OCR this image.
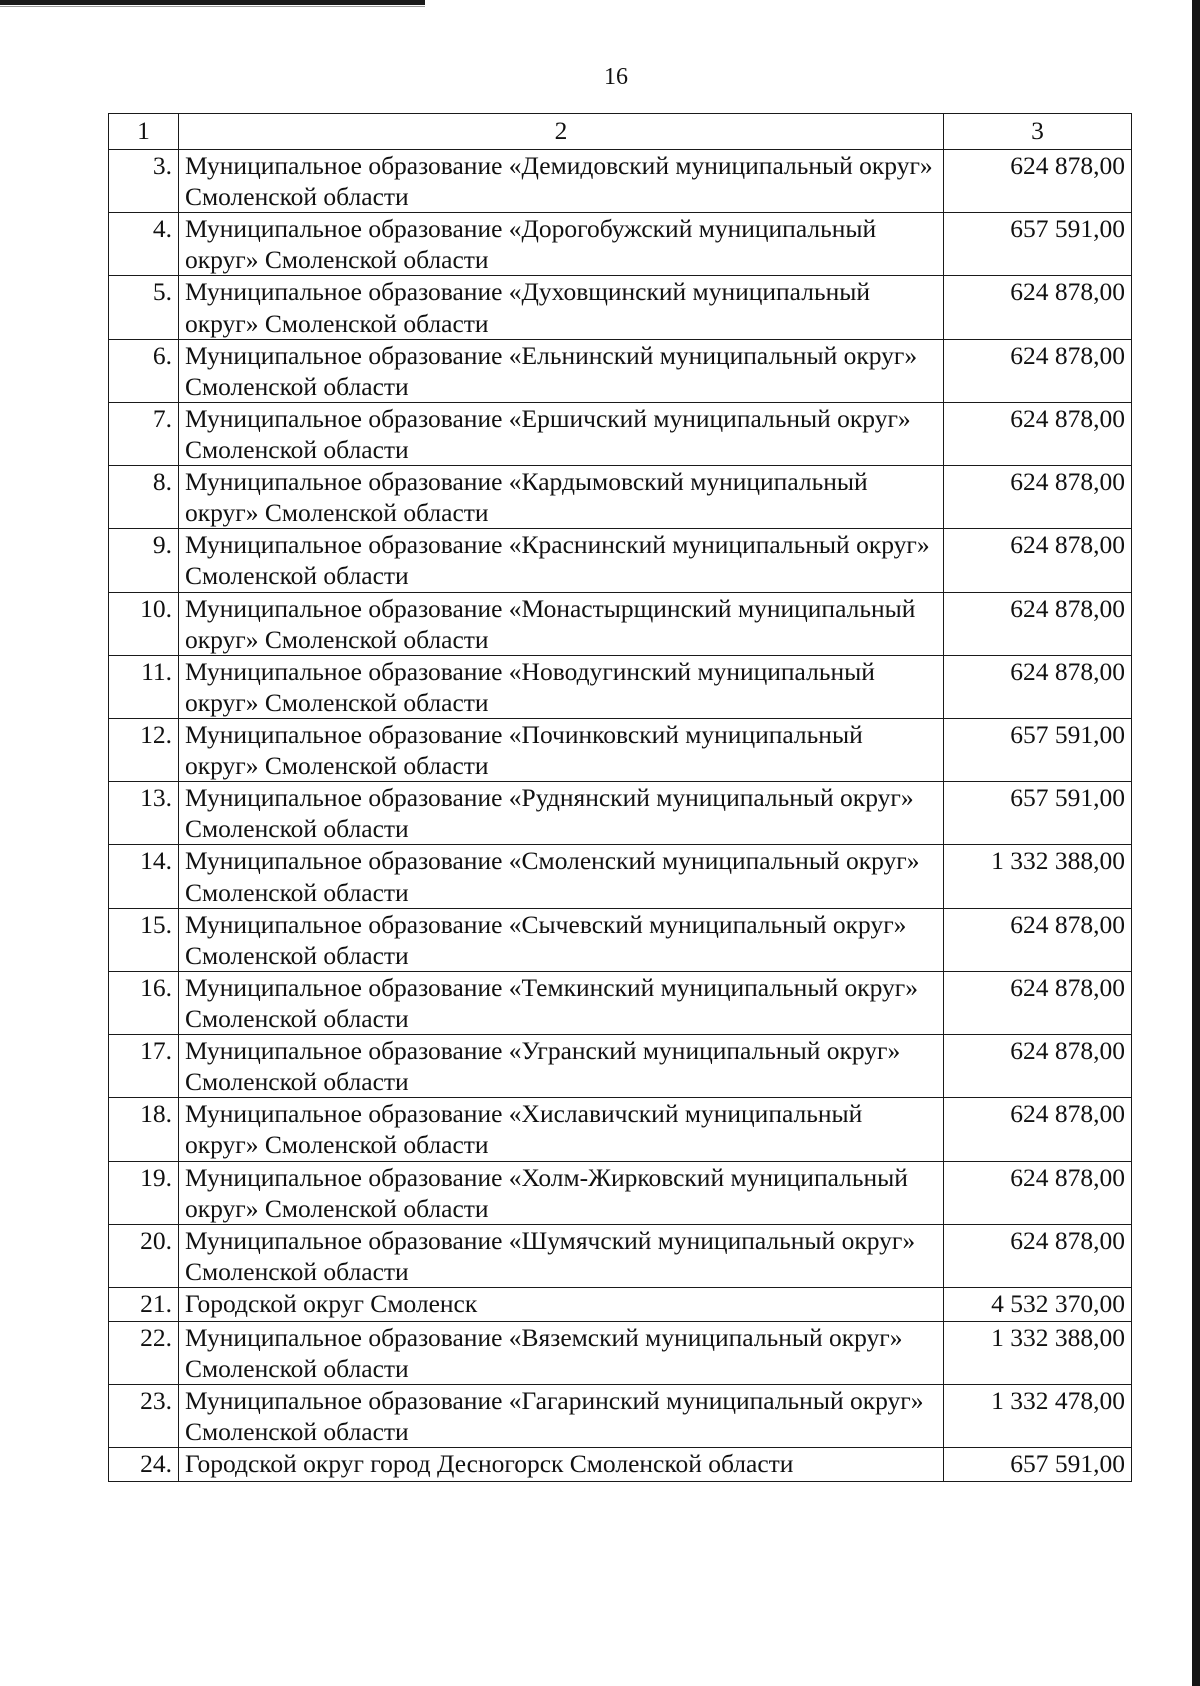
16
1	2	3
3.	Муниципальное образование «Демидовский муниципальный округ» Смоленской области	624 878,00
4.	Муниципальное образование «Дорогобужский муниципальный округ» Смоленской области	657 591,00
5.	Муниципальное образование «Духовщинский муниципальный округ» Смоленской области	624 878,00
6.	Муниципальное образование «Ельнинский муниципальный округ» Смоленской области	624 878,00
7.	Муниципальное образование «Ершичский муниципальный округ» Смоленской области	624 878,00
8.	Муниципальное образование «Кардымовский муниципальный округ» Смоленской области	624 878,00
9.	Муниципальное образование «Краснинский муниципальный округ» Смоленской области	624 878,00
10.	Муниципальное образование «Монастырщинский муниципальный округ» Смоленской области	624 878,00
11.	Муниципальное образование «Новодугинский муниципальный округ» Смоленской области	624 878,00
12.	Муниципальное образование «Починковский муниципальный округ» Смоленской области	657 591,00
13.	Муниципальное образование «Руднянский муниципальный округ» Смоленской области	657 591,00
14.	Муниципальное образование «Смоленский муниципальный округ» Смоленской области	1 332 388,00
15.	Муниципальное образование «Сычевский муниципальный округ» Смоленской области	624 878,00
16.	Муниципальное образование «Темкинский муниципальный округ» Смоленской области	624 878,00
17.	Муниципальное образование «Угранский муниципальный округ» Смоленской области	624 878,00
18.	Муниципальное образование «Хиславичский муниципальный округ» Смоленской области	624 878,00
19.	Муниципальное образование «Холм-Жирковский муниципальный округ» Смоленской области	624 878,00
20.	Муниципальное образование «Шумячский муниципальный округ» Смоленской области	624 878,00
21.	Городской округ Смоленск	4 532 370,00
22.	Муниципальное образование «Вяземский муниципальный округ» Смоленской области	1 332 388,00
23.	Муниципальное образование «Гагаринский муниципальный округ» Смоленской области	1 332 478,00
24.	Городской округ город Десногорск Смоленской области	657 591,00
